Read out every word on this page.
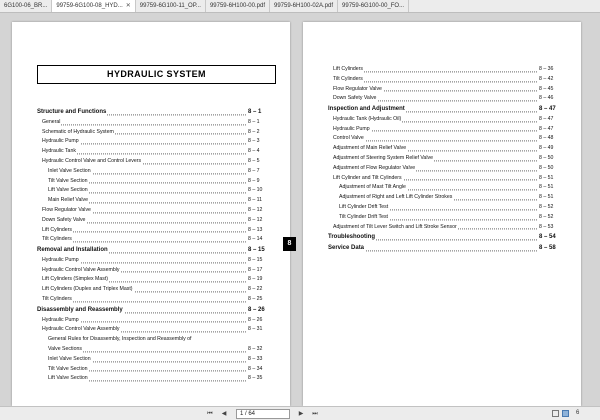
6G100-06_BR... 99759-6G100-08_HYD... ✕ 99759-6G100-11_OP... 99759-6H100-00.pdf 99759-6H100-02A.pdf 99759-6G100-00_FO...
HYDRAULIC SYSTEM
Structure and Functions	8 – 1
General	8 – 1
Schematic of Hydraulic System	8 – 2
Hydraulic Pump	8 – 3
Hydraulic Tank	8 – 4
Hydraulic Control Valve and Control Levers	8 – 5
Inlet Valve Section	8 – 7
Tilt Valve Section	8 – 9
Lift Valve Section	8 – 10
Main Relief Valve	8 – 11
Flow Regulator Valve	8 – 12
Down Safety Valve	8 – 12
Lift Cylinders	8 – 13
Tilt Cylinders	8 – 14
Removal and Installation	8 – 15
Hydraulic Pump	8 – 15
Hydraulic Control Valve Assembly	8 – 17
Lift Cylinders (Simplex Mast)	8 – 19
Lift Cylinders (Duplex and Triplex Mast)	8 – 22
Tilt Cylinders	8 – 25
Disassembly and Reassembly	8 – 26
Hydraulic Pump	8 – 26
Hydraulic Control Valve Assembly	8 – 31
General Rules for Disassembly, Inspection and Reassembly of
Valve Sections	8 – 32
Inlet Valve Section	8 – 33
Tilt Valve Section	8 – 34
Lift Valve Section	8 – 35
8
Lift Cylinders	8 – 36
Tilt Cylinders	8 – 42
Flow Regulator Valve	8 – 45
Down Safety Valve	8 – 46
Inspection and Adjustment	8 – 47
Hydraulic Tank (Hydraulic Oil)	8 – 47
Hydraulic Pump	8 – 47
Control Valve	8 – 48
Adjustment of Main Relief Valve	8 – 49
Adjustment of Steering System Relief Valve	8 – 50
Adjustment of Flow Regulator Valve	8 – 50
Lift Cylinder and Tilt Cylinders	8 – 51
Adjustment of Mast Tilt Angle	8 – 51
Adjustment of Right and Left Lift Cylinder Strokes	8 – 51
Lift Cylinder Drift Test	8 – 52
Tilt Cylinder Drift Test	8 – 52
Adjustment of Tilt Lever Switch and Lift Stroke Sensor	8 – 53
Troubleshooting	8 – 54
Service Data	8 – 58
⏮	◀	1 / 64	▶	⏭	6
